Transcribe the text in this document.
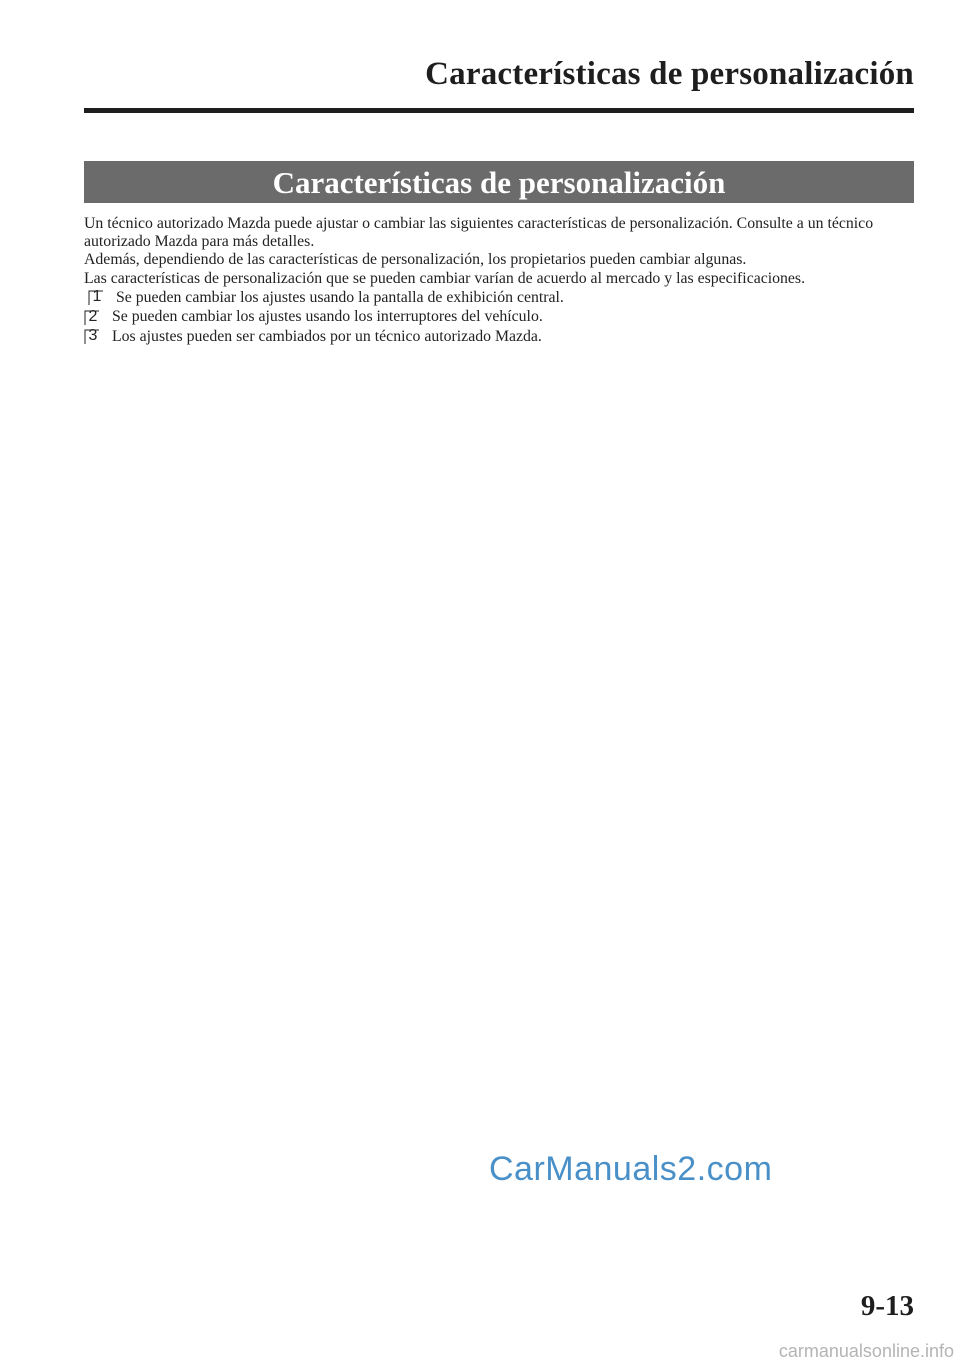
Características de personalización
Características de personalización

Un técnico autorizado Mazda puede ajustar o cambiar las siguientes características de personalización. Consulte a un técnico autorizado Mazda para más detalles.

Además, dependiendo de las características de personalización, los propietarios pueden cambiar algunas.

Las características de personalización que se pueden cambiar varían de acuerdo al mercado y las especificaciones.

1 Se pueden cambiar los ajustes usando la pantalla de exhibición central.
2 Se pueden cambiar los ajustes usando los interruptores del vehículo.
3 Los ajustes pueden ser cambiados por un técnico autorizado Mazda.
CarManuals2.com
9-13
carmanualsonline.info
